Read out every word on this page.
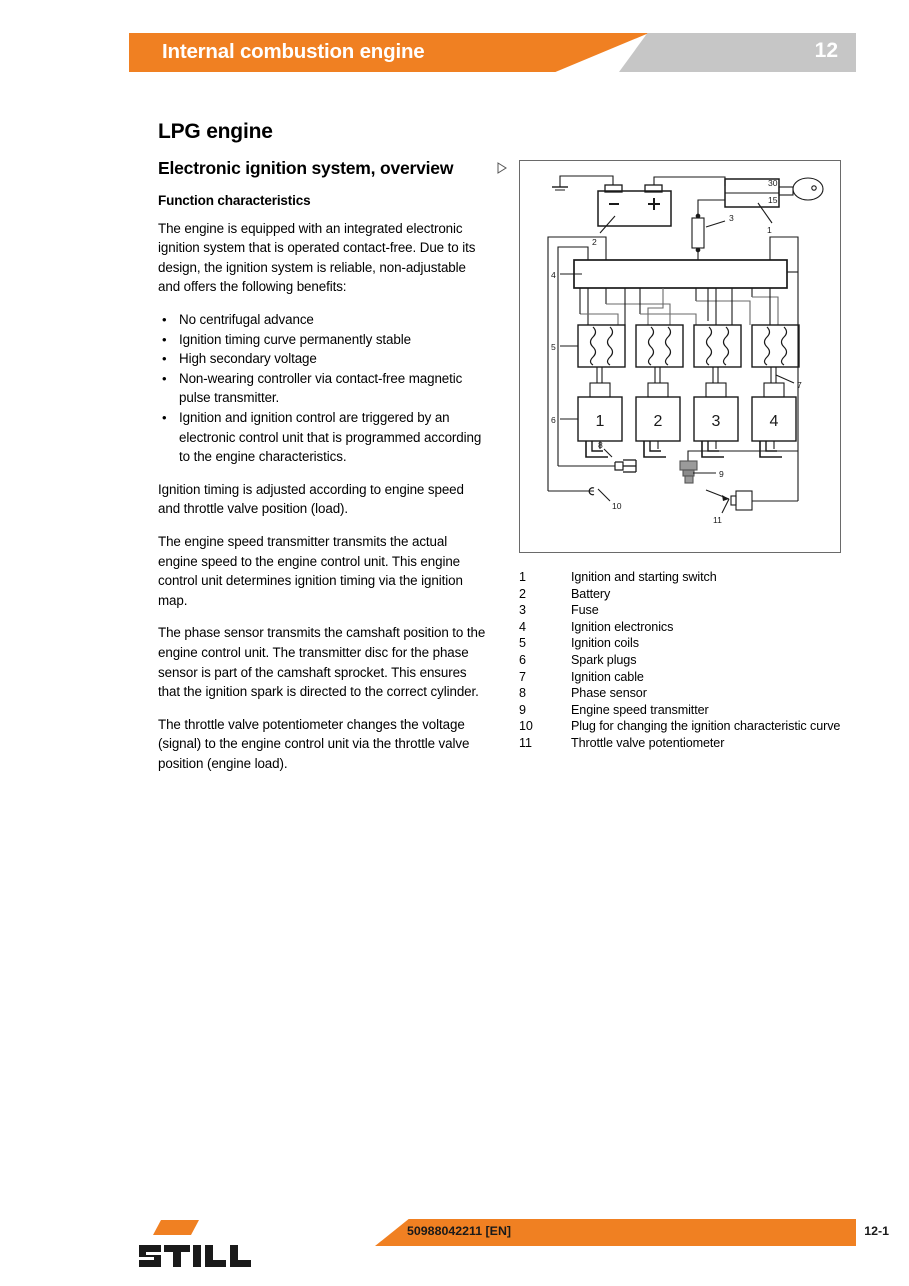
Internal combustion engine	12
LPG engine
Electronic ignition system, overview
Function characteristics

The engine is equipped with an integrated electronic ignition system that is operated contact-free. Due to its design, the ignition system is reliable, non-adjustable and offers the following benefits:

• No centrifugal advance
• Ignition timing curve permanently stable
• High secondary voltage
• Non-wearing controller via contact-free magnetic pulse transmitter.
• Ignition and ignition control are triggered by an electronic control unit that is programmed according to the engine characteristics.

Ignition timing is adjusted according to engine speed and throttle valve position (load).

The engine speed transmitter transmits the actual engine speed to the engine control unit. This engine control unit determines ignition timing via the ignition map.

The phase sensor transmits the camshaft position to the engine control unit. The transmitter disc for the phase sensor is part of the camshaft sprocket. This ensures that the ignition spark is directed to the correct cylinder.

The throttle valve potentiometer changes the voltage (signal) to the engine control unit via the throttle valve position (engine load).

30
15
1
2
3
4
5
6
7
8
9
10
11
1	2	3	4
1	Ignition and starting switch
2	Battery
3	Fuse
4	Ignition electronics
5	Ignition coils
6	Spark plugs
7	Ignition cable
8	Phase sensor
9	Engine speed transmitter
10	Plug for changing the ignition characteristic curve
11	Throttle valve potentiometer
50988042211 [EN]	12-1
